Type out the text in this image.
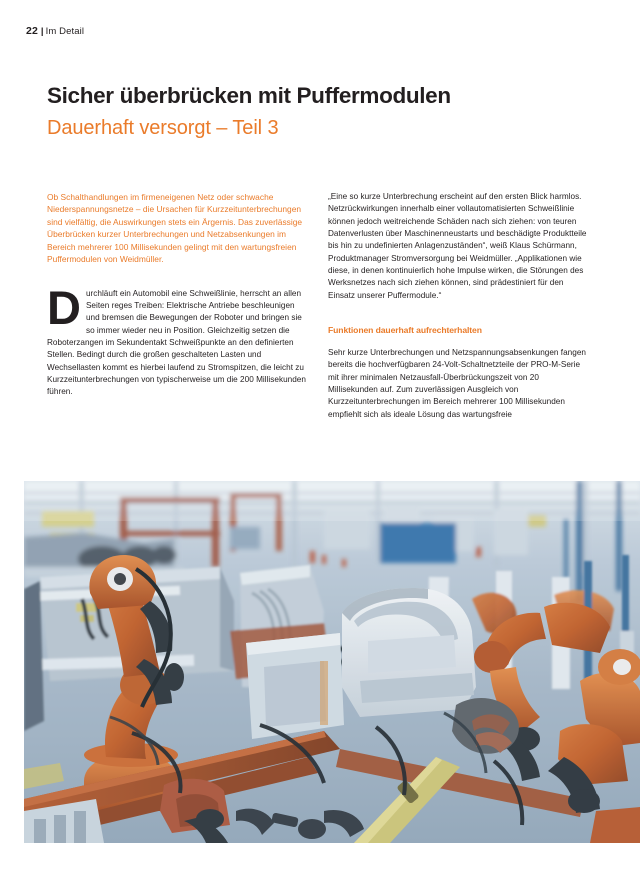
22 | Im Detail
Sicher überbrücken mit Puffermodulen
Dauerhaft versorgt – Teil 3

Ob Schalthandlungen im firmeneigenen Netz oder schwache Niederspannungsnetze – die Ursachen für Kurzzeitunterbrechungen sind vielfältig, die Auswirkungen stets ein Ärgernis. Das zuverlässige Überbrücken kurzer Unterbrechungen und Netzabsenkungen im Bereich mehrerer 100 Millisekunden gelingt mit den wartungsfreien Puffermodulen von Weidmüller.

D urchläuft ein Automobil eine Schweißlinie, herrscht an allen Seiten reges Treiben: Elektrische Antriebe beschleunigen und bremsen die Bewegungen der Roboter und bringen sie so immer wieder neu in Position. Gleichzeitig setzen die Roboterzangen im Sekundentakt Schweißpunkte an den definierten Stellen. Bedingt durch die großen geschalteten Lasten und Wechsellasten kommt es hierbei laufend zu Stromspitzen, die leicht zu Kurzzeitunterbrechungen von typischerweise um die 200 Millisekunden führen.

„Eine so kurze Unterbrechung erscheint auf den ersten Blick harmlos. Netzrückwirkungen innerhalb einer vollautomatisierten Schweißlinie können jedoch weitreichende Schäden nach sich ziehen: von teuren Datenverlusten über Maschinenneustarts und beschädigte Produktteile bis hin zu undefinierten Anlagenzuständen“, weiß Klaus Schürmann, Produktmanager Stromversorgung bei Weidmüller. „Applikationen wie diese, in denen kontinuierlich hohe Impulse wirken, die Störungen des Werksnetzes nach sich ziehen können, sind prädestiniert für den Einsatz unserer Puffermodule.“

Funktionen dauerhaft aufrechterhalten

Sehr kurze Unterbrechungen und Netzspannungsabsenkungen fangen bereits die hochverfügbaren 24-Volt-Schaltnetzteile der PRO-M-Serie mit ihrer minimalen Netzausfall-Überbrückungszeit von 20 Millisekunden auf. Zum zuverlässigen Ausgleich von Kurzzeitunterbrechungen im Bereich mehrerer 100 Millisekunden empfiehlt sich als ideale Lösung das wartungsfreie
